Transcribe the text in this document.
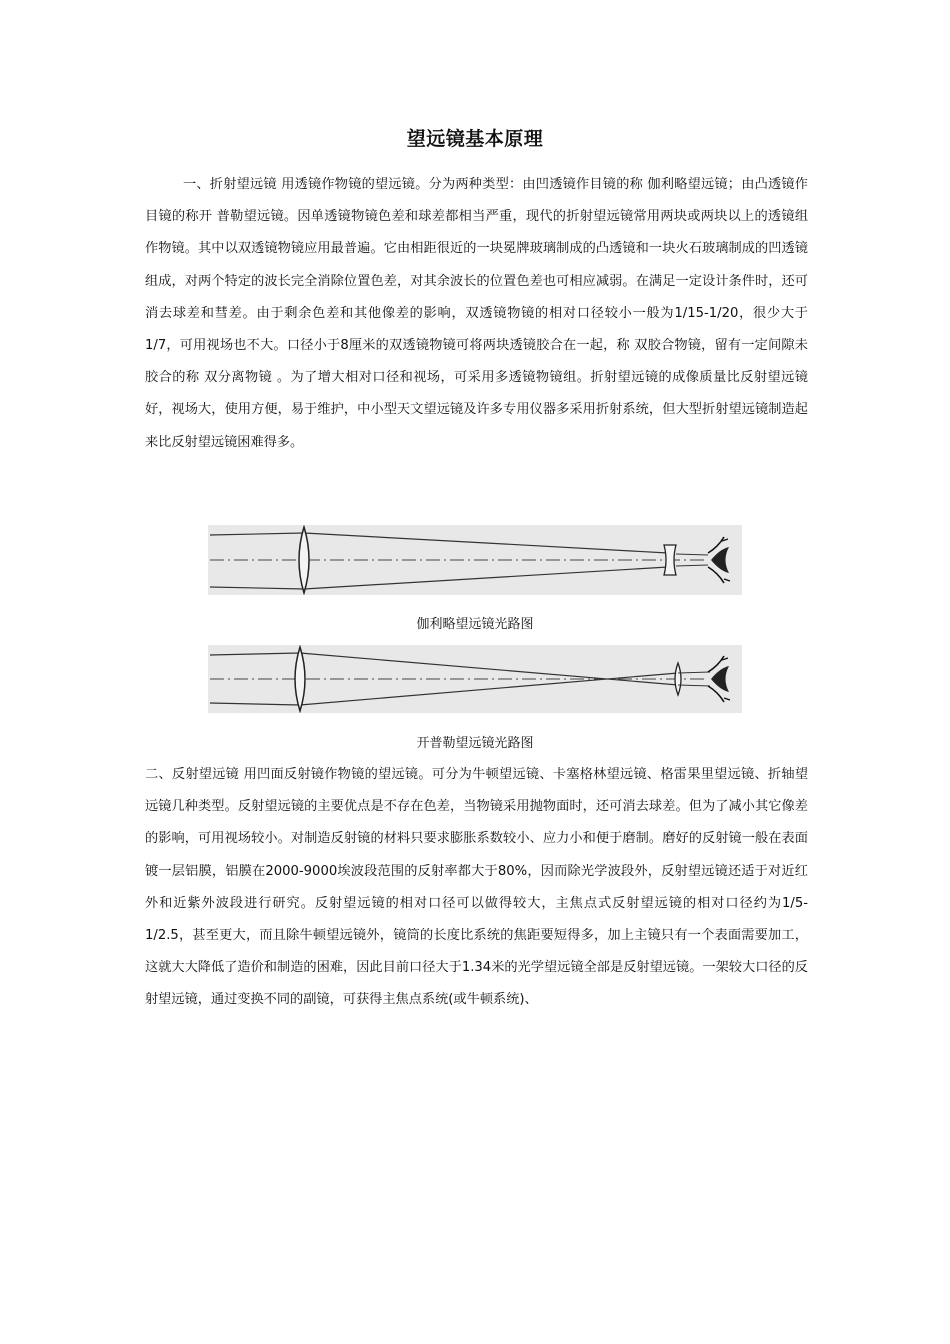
望远镜基本原理

一、折射望远镜 用透镜作物镜的望远镜。分为两种类型：由凹透镜作目镜的称 伽利略望远镜；由凸透镜作目镜的称开 普勒望远镜。因单透镜物镜色差和球差都相当严重，现代的折射望远镜常用两块或两块以上的透镜组作物镜。其中以双透镜物镜应用最普遍。它由相距很近的一块冕牌玻璃制成的凸透镜和一块火石玻璃制成的凹透镜组成，对两个特定的波长完全消除位置色差，对其余波长的位置色差也可相应减弱。在满足一定设计条件时，还可消去球差和彗差。由于剩余色差和其他像差的影响，双透镜物镜的相对口径较小一般为1/15-1/20，很少大于1/7，可用视场也不大。口径小于8厘米的双透镜物镜可将两块透镜胶合在一起，称 双胶合物镜，留有一定间隙未胶合的称 双分离物镜 。为了增大相对口径和视场，可采用多透镜物镜组。折射望远镜的成像质量比反射望远镜好，视场大，使用方便，易于维护，中小型天文望远镜及许多专用仪器多采用折射系统，但大型折射望远镜制造起来比反射望远镜困难得多。

伽利略望远镜光路图
开普勒望远镜光路图

二、反射望远镜 用凹面反射镜作物镜的望远镜。可分为牛顿望远镜、卡塞格林望远镜、格雷果里望远镜、折轴望远镜几种类型。反射望远镜的主要优点是不存在色差，当物镜采用抛物面时，还可消去球差。但为了减小其它像差的影响，可用视场较小。对制造反射镜的材料只要求膨胀系数较小、应力小和便于磨制。磨好的反射镜一般在表面镀一层铝膜，铝膜在2000-9000埃波段范围的反射率都大于80%，因而除光学波段外，反射望远镜还适于对近红外和近紫外波段进行研究。反射望远镜的相对口径可以做得较大，主焦点式反射望远镜的相对口径约为1/5-1/2.5，甚至更大，而且除牛顿望远镜外，镜筒的长度比系统的焦距要短得多，加上主镜只有一个表面需要加工，这就大大降低了造价和制造的困难，因此目前口径大于1.34米的光学望远镜全部是反射望远镜。一架较大口径的反射望远镜，通过变换不同的副镜，可获得主焦点系统(或牛顿系统)、
